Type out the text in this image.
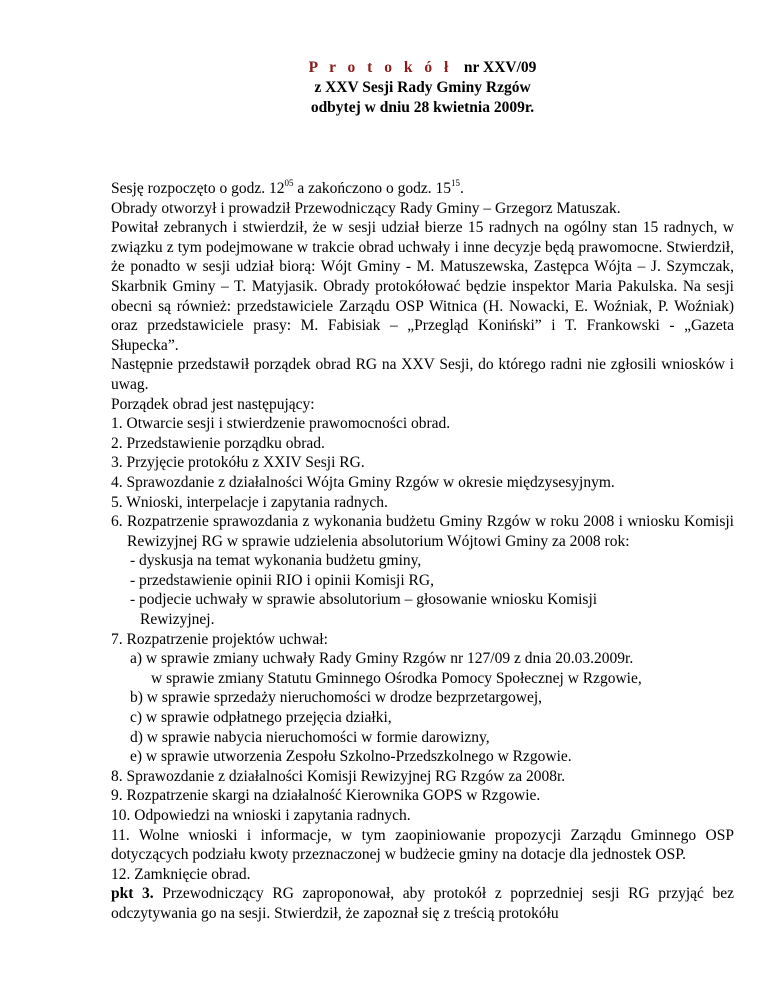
P r o t o k ó ł nr XXV/09

z XXV Sesji Rady Gminy Rzgów

odbytej w dniu 28 kwietnia 2009r.

Sesję rozpoczęto o godz. $12^{05}$ a zakończono o godz. $15^{15}$.

Obrady otworzył i prowadził Przewodniczący Rady Gminy – Grzegorz Matuszak.

Powitał zebranych i stwierdził, że w sesji udział bierze 15 radnych na ogólny stan 15 radnych, w związku z tym podejmowane w trakcie obrad uchwały i inne decyzje będą prawomocne. Stwierdził, że ponadto w sesji udział biorą: Wójt Gminy - M. Matuszewska, Zastępca Wójta – J. Szymczak, Skarbnik Gminy – T. Matyjasik. Obrady protokółować będzie inspektor Maria Pakulska. Na sesji obecni są również: przedstawiciele Zarządu OSP Witnica (H. Nowacki, E. Woźniak, P. Woźniak) oraz przedstawiciele prasy: M. Fabisiak – „Przegląd Koniński” i T. Frankowski - „Gazeta Słupecka”.

Następnie przedstawił porządek obrad RG na XXV Sesji, do którego radni nie zgłosili wniosków i uwag.

Porządek obrad jest następujący:

1. Otwarcie sesji i stwierdzenie prawomocności obrad.

2. Przedstawienie porządku obrad.

3. Przyjęcie protokółu z XXIV Sesji RG.

4. Sprawozdanie z działalności Wójta Gminy Rzgów w okresie międzysesyjnym.

5. Wnioski, interpelacje i zapytania radnych.

6. Rozpatrzenie sprawozdania z wykonania budżetu Gminy Rzgów w roku 2008 i wniosku Komisji Rewizyjnej RG w sprawie udzielenia absolutorium Wójtowi Gminy za 2008 rok:

- dyskusja na temat wykonania budżetu gminy,

- przedstawienie opinii RIO i opinii Komisji RG,

- podjecie uchwały w sprawie absolutorium – głosowanie wniosku Komisji

Rewizyjnej.

7. Rozpatrzenie projektów uchwał:

a) w sprawie zmiany uchwały Rady Gminy Rzgów nr 127/09 z dnia 20.03.2009r.

w sprawie zmiany Statutu Gminnego Ośrodka Pomocy Społecznej w Rzgowie,

b) w sprawie sprzedaży nieruchomości w drodze bezprzetargowej,

c) w sprawie odpłatnego przejęcia działki,

d) w sprawie nabycia nieruchomości w formie darowizny,

e) w sprawie utworzenia Zespołu Szkolno-Przedszkolnego w Rzgowie.

8. Sprawozdanie z działalności Komisji Rewizyjnej RG Rzgów za 2008r.

9. Rozpatrzenie skargi na działalność Kierownika GOPS w Rzgowie.

10. Odpowiedzi na wnioski i zapytania radnych.

11. Wolne wnioski i informacje, w tym zaopiniowanie propozycji Zarządu Gminnego OSP dotyczących podziału kwoty przeznaczonej w budżecie gminy na dotacje dla jednostek OSP.

12. Zamknięcie obrad.

pkt 3. Przewodniczący RG zaproponował, aby protokół z poprzedniej sesji RG przyjąć bez odczytywania go na sesji. Stwierdził, że zapoznał się z treścią protokółu
